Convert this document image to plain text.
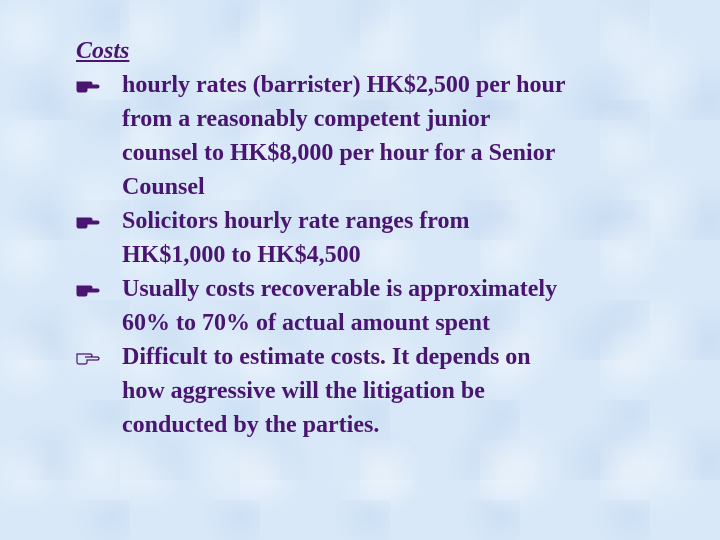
Costs

hourly rates (barrister) HK$2,500 per hour
from a reasonably competent junior
counsel to HK$8,000 per hour for a Senior
Counsel
Solicitors hourly rate ranges from
HK$1,000 to HK$4,500
Usually costs recoverable is approximately
60% to 70% of actual amount spent
Difficult to estimate costs. It depends on
how aggressive will the litigation be
conducted by the parties.
